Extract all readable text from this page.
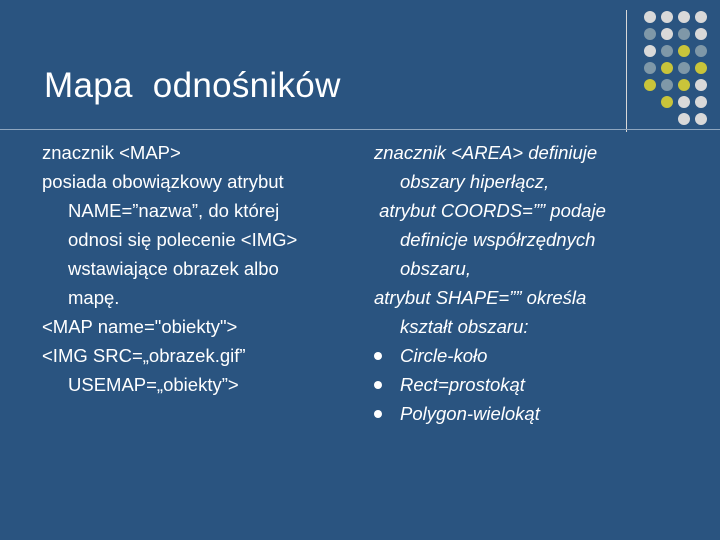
Mapa  odnośników
znacznik <MAP>
posiada obowiązkowy atrybut
NAME=”nazwa”, do której
odnosi się polecenie <IMG>
wstawiające obrazek albo
mapę.
<MAP name="obiekty">
<IMG SRC=„obrazek.gif”
USEMAP=„obiekty”>
znacznik <AREA> definiuje
obszary hiperłącz,
atrybut COORDS=”” podaje
definicje współrzędnych
obszaru,
atrybut SHAPE=”” określa
kształt obszaru:
Circle-koło
Rect=prostokąt
Polygon-wielokąt
